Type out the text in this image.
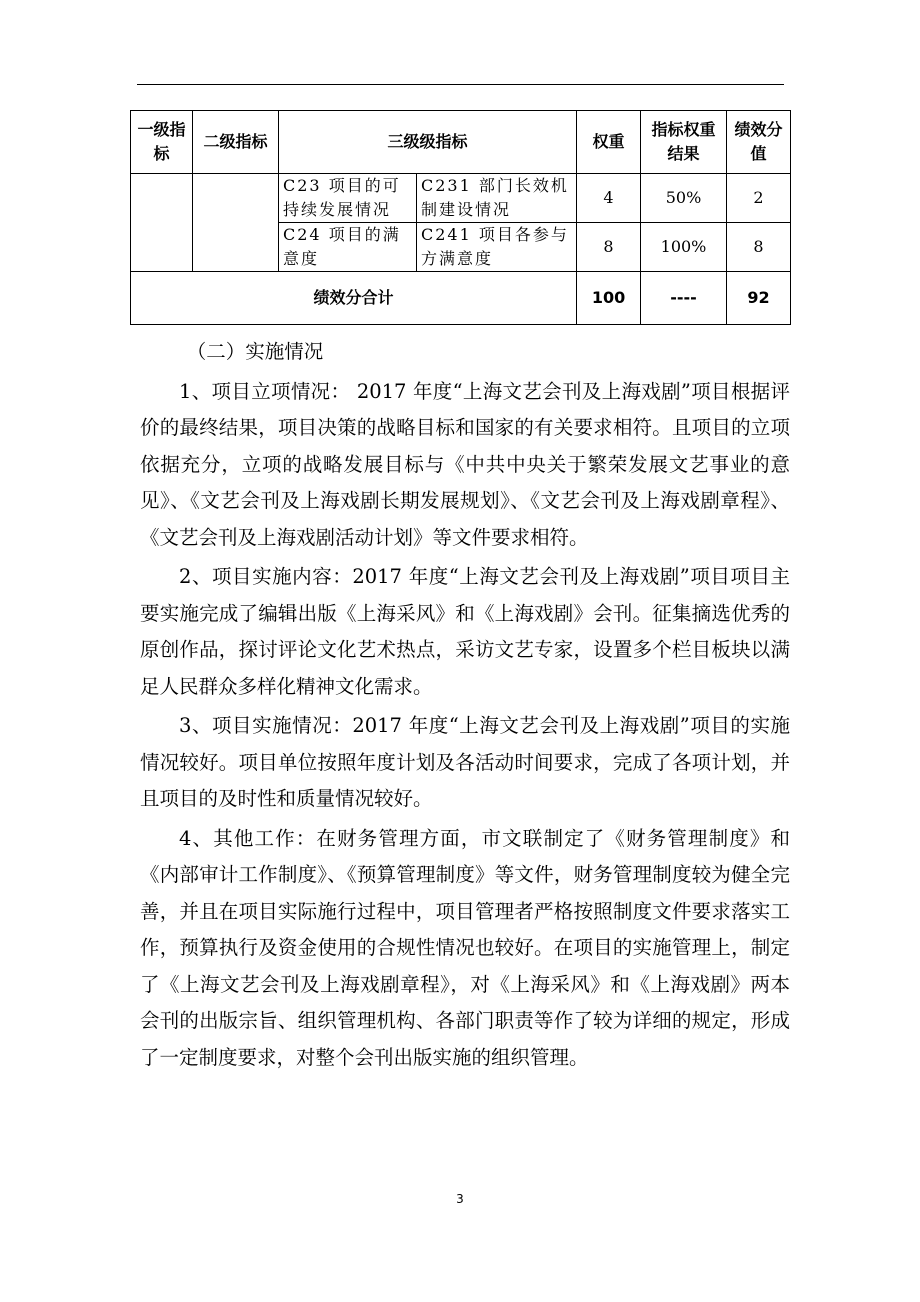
一级指标	二级指标	三级级指标		权重	指标权重结果	绩效分值
		C23 项目的可持续发展情况	C231 部门长效机制建设情况	4	50%	2
		C24 项目的满意度	C241 项目各参与方满意度	8	100%	8
绩效分合计				100	----	92

（二）实施情况

1、项目立项情况： 2017 年度“上海文艺会刊及上海戏剧”项目根据评价的最终结果，项目决策的战略目标和国家的有关要求相符。且项目的立项依据充分，立项的战略发展目标与《中共中央关于繁荣发展文艺事业的意见》、《文艺会刊及上海戏剧长期发展规划》、《文艺会刊及上海戏剧章程》、《文艺会刊及上海戏剧活动计划》等文件要求相符。

2、项目实施内容：2017 年度“上海文艺会刊及上海戏剧”项目项目主要实施完成了编辑出版《上海采风》和《上海戏剧》会刊。征集摘选优秀的原创作品，探讨评论文化艺术热点，采访文艺专家，设置多个栏目板块以满足人民群众多样化精神文化需求。

3、项目实施情况：2017 年度“上海文艺会刊及上海戏剧”项目的实施情况较好。项目单位按照年度计划及各活动时间要求，完成了各项计划，并且项目的及时性和质量情况较好。

4、其他工作：在财务管理方面，市文联制定了《财务管理制度》和《内部审计工作制度》、《预算管理制度》等文件，财务管理制度较为健全完善，并且在项目实际施行过程中，项目管理者严格按照制度文件要求落实工作，预算执行及资金使用的合规性情况也较好。在项目的实施管理上，制定了《上海文艺会刊及上海戏剧章程》，对《上海采风》和《上海戏剧》两本会刊的出版宗旨、组织管理机构、各部门职责等作了较为详细的规定，形成了一定制度要求，对整个会刊出版实施的组织管理。

3
